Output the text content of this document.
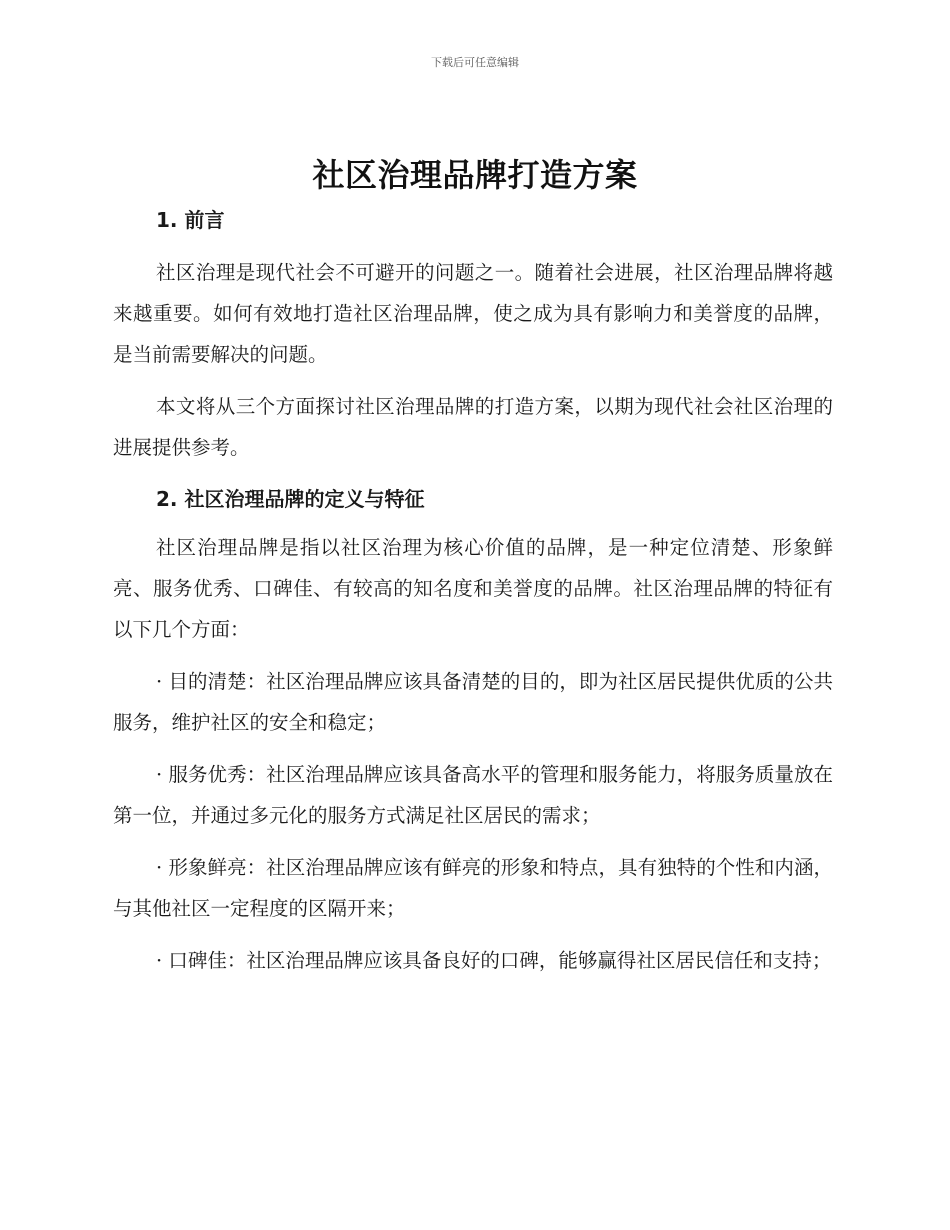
下载后可任意编辑
社区治理品牌打造方案
1. 前言

社区治理是现代社会不可避开的问题之一。随着社会进展，社区治理品牌将越来越重要。如何有效地打造社区治理品牌，使之成为具有影响力和美誉度的品牌，是当前需要解决的问题。

本文将从三个方面探讨社区治理品牌的打造方案，以期为现代社会社区治理的进展提供参考。

2. 社区治理品牌的定义与特征

社区治理品牌是指以社区治理为核心价值的品牌，是一种定位清楚、形象鲜亮、服务优秀、口碑佳、有较高的知名度和美誉度的品牌。社区治理品牌的特征有以下几个方面：

· 目的清楚：社区治理品牌应该具备清楚的目的，即为社区居民提供优质的公共服务，维护社区的安全和稳定；

· 服务优秀：社区治理品牌应该具备高水平的管理和服务能力，将服务质量放在第一位，并通过多元化的服务方式满足社区居民的需求；

· 形象鲜亮：社区治理品牌应该有鲜亮的形象和特点，具有独特的个性和内涵，与其他社区一定程度的区隔开来；

· 口碑佳：社区治理品牌应该具备良好的口碑，能够赢得社区居民信任和支持；
